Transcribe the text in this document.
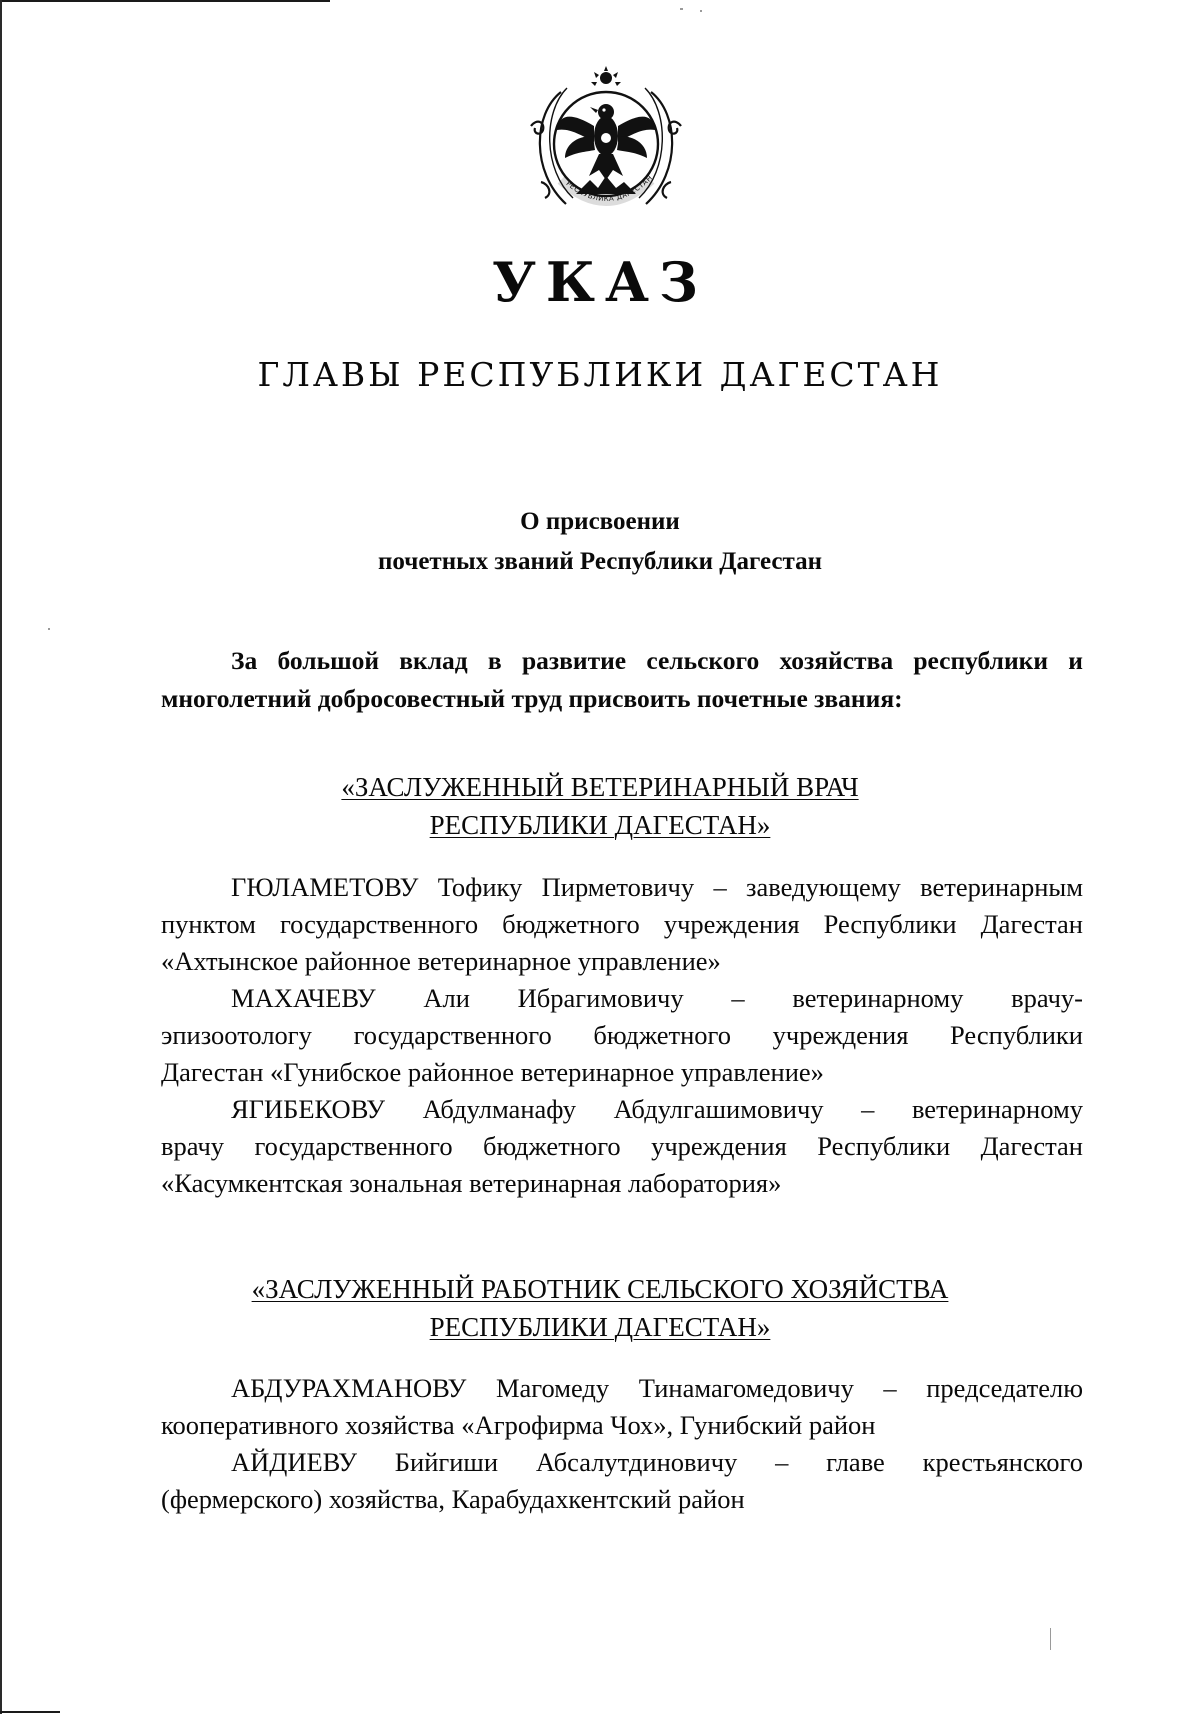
РЕСПУБЛИКА ДАГЕСТАН
УКАЗ
ГЛАВЫ РЕСПУБЛИКИ ДАГЕСТАН
О присвоении
почетных званий Республики Дагестан
За большой вклад в развитие сельского хозяйства республики и
многолетний добросовестный труд присвоить почетные звания:
«ЗАСЛУЖЕННЫЙ ВЕТЕРИНАРНЫЙ ВРАЧ
РЕСПУБЛИКИ ДАГЕСТАН»
ГЮЛАМЕТОВУ Тофику Пирметовичу – заведующему ветеринарным
пунктом государственного бюджетного учреждения Республики Дагестан
«Ахтынское районное ветеринарное управление»
МАХАЧЕВУ Али Ибрагимовичу – ветеринарному врачу-
эпизоотологу государственного бюджетного учреждения Республики
Дагестан «Гунибское районное ветеринарное управление»
ЯГИБЕКОВУ Абдулманафу Абдулгашимовичу – ветеринарному
врачу государственного бюджетного учреждения Республики Дагестан
«Касумкентская зональная ветеринарная лаборатория»
«ЗАСЛУЖЕННЫЙ РАБОТНИК СЕЛЬСКОГО ХОЗЯЙСТВА
РЕСПУБЛИКИ ДАГЕСТАН»
АБДУРАХМАНОВУ Магомеду Тинамагомедовичу – председателю
кооперативного хозяйства «Агрофирма Чох», Гунибский район
АЙДИЕВУ Бийгиши Абсалутдиновичу – главе крестьянского
(фермерского) хозяйства, Карабудахкентский район
